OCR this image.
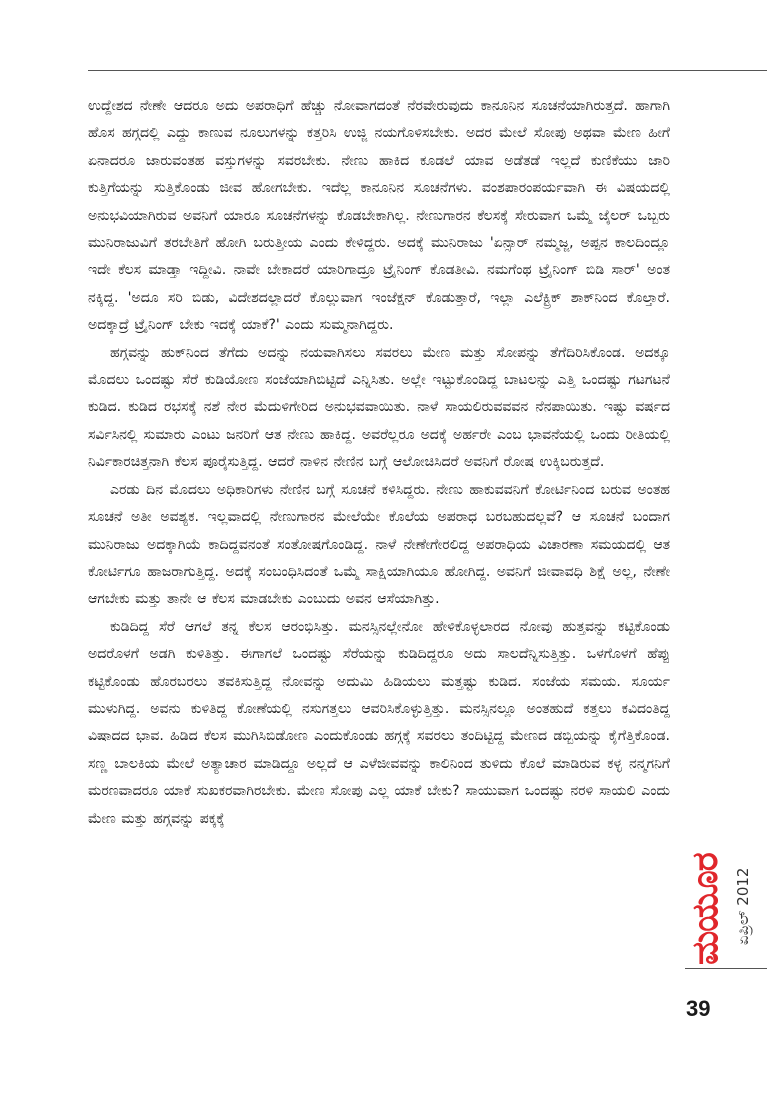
ಉದ್ದೇಶದ ನೇಣೇ ಆದರೂ ಅದು ಅಪರಾಧಿಗೆ ಹೆಚ್ಚು ನೋವಾಗದಂತೆ ನೆರವೇರುವುದು ಕಾನೂನಿನ ಸೂಚನೆಯಾಗಿರುತ್ತದೆ. ಹಾಗಾಗಿ ಹೊಸ ಹಗ್ಗದಲ್ಲಿ ಎದ್ದು ಕಾಣುವ ನೂಲುಗಳನ್ನು ಕತ್ತರಿಸಿ ಉಜ್ಜಿ ನಯಗೊಳಿಸಬೇಕು. ಅದರ ಮೇಲೆ ಸೋಪು ಅಥವಾ ಮೇಣ ಹೀಗೆ ಏನಾದರೂ ಜಾರುವಂತಹ ವಸ್ತುಗಳನ್ನು ಸವರಬೇಕು. ನೇಣು ಹಾಕಿದ ಕೂಡಲೆ ಯಾವ ಅಡೆತಡೆ ಇಲ್ಲದೆ ಕುಣಿಕೆಯು ಜಾರಿ ಕುತ್ತಿಗೆಯನ್ನು ಸುತ್ತಿಕೊಂಡು ಜೀವ ಹೋಗಬೇಕು. ಇದೆಲ್ಲ ಕಾನೂನಿನ ಸೂಚನೆಗಳು. ವಂಶಪಾರಂಪರ್ಯವಾಗಿ ಈ ವಿಷಯದಲ್ಲಿ ಅನುಭವಿಯಾಗಿರುವ ಅವನಿಗೆ ಯಾರೂ ಸೂಚನೆಗಳನ್ನು ಕೊಡಬೇಕಾಗಿಲ್ಲ. ನೇಣುಗಾರನ ಕೆಲಸಕ್ಕೆ ಸೇರುವಾಗ ಒಮ್ಮೆ ಜೈಲರ್ ಒಬ್ಬರು ಮುನಿರಾಜುವಿಗೆ ತರಬೇತಿಗೆ ಹೋಗಿ ಬರುತ್ತೀಯ ಎಂದು ಕೇಳಿದ್ದರು. ಅದಕ್ಕೆ ಮುನಿರಾಜು 'ಏನ್ಸಾರ್ ನಮ್ಮಜ್ಜ, ಅಪ್ಪನ ಕಾಲದಿಂದ್ಲೂ ಇದೇ ಕೆಲಸ ಮಾಡ್ತಾ ಇದ್ದೀವಿ. ನಾವೇ ಬೇಕಾದರೆ ಯಾರಿಗಾದ್ರೂ ಟ್ರೈನಿಂಗ್ ಕೊಡತೀವಿ. ನಮಗೆಂಥ ಟ್ರೈನಿಂಗ್ ಬಿಡಿ ಸಾರ್' ಅಂತ ನಕ್ಕಿದ್ದ. 'ಅದೂ ಸರಿ ಬಿಡು, ವಿದೇಶದಲ್ಲಾದರೆ ಕೊಲ್ಲುವಾಗ ಇಂಜೆಕ್ಷನ್ ಕೊಡುತ್ತಾರೆ, ಇಲ್ಲಾ ಎಲೆಕ್ಟ್ರಿಕ್ ಶಾಕ್‌ನಿಂದ ಕೊಲ್ತಾರೆ. ಅದಕ್ಕಾದ್ರೆ ಟ್ರೈನಿಂಗ್ ಬೇಕು ಇದಕ್ಕೆ ಯಾಕೆ?' ಎಂದು ಸುಮ್ಮನಾಗಿದ್ದರು.

ಹಗ್ಗವನ್ನು ಹುಕ್‌ನಿಂದ ತೆಗೆದು ಅದನ್ನು ನಯವಾಗಿಸಲು ಸವರಲು ಮೇಣ ಮತ್ತು ಸೋಪನ್ನು ತೆಗೆದಿರಿಸಿಕೊಂಡ. ಅದಕ್ಕೂ ಮೊದಲು ಒಂದಷ್ಟು ಸೆರೆ ಕುಡಿಯೋಣ ಸಂಜೆಯಾಗಿಬಿಟ್ಟಿದೆ ಎನ್ನಿಸಿತು. ಅಲ್ಲೇ ಇಟ್ಟುಕೊಂಡಿದ್ದ ಬಾಟಲನ್ನು ಎತ್ತಿ ಒಂದಷ್ಟು ಗಟಗಟನೆ ಕುಡಿದ. ಕುಡಿದ ರಭಸಕ್ಕೆ ನಶೆ ನೇರ ಮೆದುಳಿಗೇರಿದ ಅನುಭವವಾಯಿತು. ನಾಳೆ ಸಾಯಲಿರುವವವನ ನೆನಪಾಯಿತು. ಇಷ್ಟು ವರ್ಷದ ಸರ್ವಿಸಿನಲ್ಲಿ ಸುಮಾರು ಎಂಟು ಜನರಿಗೆ ಆತ ನೇಣು ಹಾಕಿದ್ದ. ಅವರೆಲ್ಲರೂ ಅದಕ್ಕೆ ಅರ್ಹರೇ ಎಂಬ ಭಾವನೆಯಲ್ಲಿ ಒಂದು ರೀತಿಯಲ್ಲಿ ನಿರ್ವಿಕಾರಚಿತ್ತನಾಗಿ ಕೆಲಸ ಪೂರೈಸುತ್ತಿದ್ದ. ಆದರೆ ನಾಳಿನ ನೇಣಿನ ಬಗ್ಗೆ ಆಲೋಚಿಸಿದರೆ ಅವನಿಗೆ ರೋಷ ಉಕ್ಕಿಬರುತ್ತದೆ.

ಎರಡು ದಿನ ಮೊದಲು ಅಧಿಕಾರಿಗಳು ನೇಣಿನ ಬಗ್ಗೆ ಸೂಚನೆ ಕಳಿಸಿದ್ದರು. ನೇಣು ಹಾಕುವವನಿಗೆ ಕೋರ್ಟಿನಿಂದ ಬರುವ ಅಂತಹ ಸೂಚನೆ ಅತೀ ಅವಶ್ಯಕ. ಇಲ್ಲವಾದಲ್ಲಿ ನೇಣುಗಾರನ ಮೇಲೆಯೇ ಕೊಲೆಯ ಅಪರಾಧ ಬರಬಹುದಲ್ಲವೆ? ಆ ಸೂಚನೆ ಬಂದಾಗ ಮುನಿರಾಜು ಅದಕ್ಕಾಗಿಯೆ ಕಾದಿದ್ದವನಂತೆ ಸಂತೋಷಗೊಂಡಿದ್ದ. ನಾಳೆ ನೇಣೇಗೇರಲಿದ್ದ ಅಪರಾಧಿಯ ವಿಚಾರಣಾ ಸಮಯದಲ್ಲಿ ಆತ ಕೋರ್ಟಿಗೂ ಹಾಜರಾಗುತ್ತಿದ್ದ. ಅದಕ್ಕೆ ಸಂಬಂಧಿಸಿದಂತೆ ಒಮ್ಮೆ ಸಾಕ್ಷಿಯಾಗಿಯೂ ಹೋಗಿದ್ದ. ಅವನಿಗೆ ಜೀವಾವಧಿ ಶಿಕ್ಷೆ ಅಲ್ಲ, ನೇಣೇ ಆಗಬೇಕು ಮತ್ತು ತಾನೇ ಆ ಕೆಲಸ ಮಾಡಬೇಕು ಎಂಬುದು ಅವನ ಆಸೆಯಾಗಿತ್ತು.

ಕುಡಿದಿದ್ದ ಸೆರೆ ಆಗಲೆ ತನ್ನ ಕೆಲಸ ಆರಂಭಿಸಿತ್ತು. ಮನಸ್ಸಿನಲ್ಲೇನೋ ಹೇಳಿಕೊಳ್ಳಲಾರದ ನೋವು ಹುತ್ತವನ್ನು ಕಟ್ಟಿಕೊಂಡು ಅದರೊಳಗೆ ಅಡಗಿ ಕುಳಿತಿತ್ತು. ಈಗಾಗಲೆ ಒಂದಷ್ಟು ಸೆರೆಯನ್ನು ಕುಡಿದಿದ್ದರೂ ಅದು ಸಾಲದೆನ್ನಿಸುತ್ತಿತ್ತು. ಒಳಗೊಳಗೆ ಹೆಪ್ಪು ಕಟ್ಟಿಕೊಂಡು ಹೊರಬರಲು ತವಕಿಸುತ್ತಿದ್ದ ನೋವನ್ನು ಅದುಮಿ ಹಿಡಿಯಲು ಮತ್ತಷ್ಟು ಕುಡಿದ. ಸಂಜೆಯ ಸಮಯ. ಸೂರ್ಯ ಮುಳುಗಿದ್ದ. ಅವನು ಕುಳಿತಿದ್ದ ಕೋಣೆಯಲ್ಲಿ ನಸುಗತ್ತಲು ಆವರಿಸಿಕೊಳ್ಳುತ್ತಿತ್ತು. ಮನಸ್ಸಿನಲ್ಲೂ ಅಂತಹುದೆ ಕತ್ತಲು ಕವಿದಂತಿದ್ದ ವಿಷಾದದ ಭಾವ. ಹಿಡಿದ ಕೆಲಸ ಮುಗಿಸಿಬಿಡೋಣ ಎಂದುಕೊಂಡು ಹಗ್ಗಕ್ಕೆ ಸವರಲು ತಂದಿಟ್ಟಿದ್ದ ಮೇಣದ ಡಬ್ಬಿಯನ್ನು ಕೈಗೆತ್ತಿಕೊಂಡ. ಸಣ್ಣ ಬಾಲಕಿಯ ಮೇಲೆ ಅತ್ಯಾಚಾರ ಮಾಡಿದ್ದೂ ಅಲ್ಲದೆ ಆ ಎಳೆಜೀವವನ್ನು ಕಾಲಿನಿಂದ ತುಳಿದು ಕೊಲೆ ಮಾಡಿರುವ ಕಳ್ಳ ನನ್ಮಗನಿಗೆ ಮರಣವಾದರೂ ಯಾಕೆ ಸುಖಕರವಾಗಿರಬೇಕು. ಮೇಣ ಸೋಪು ಎಲ್ಲ ಯಾಕೆ ಬೇಕು? ಸಾಯುವಾಗ ಒಂದಷ್ಟು ನರಳಿ ಸಾಯಲಿ ಎಂದು ಮೇಣ ಮತ್ತು ಹಗ್ಗವನ್ನು ಪಕ್ಕಕ್ಕೆ

ಮಯೂರ ಏಪ್ರಿಲ್ 2012
39
